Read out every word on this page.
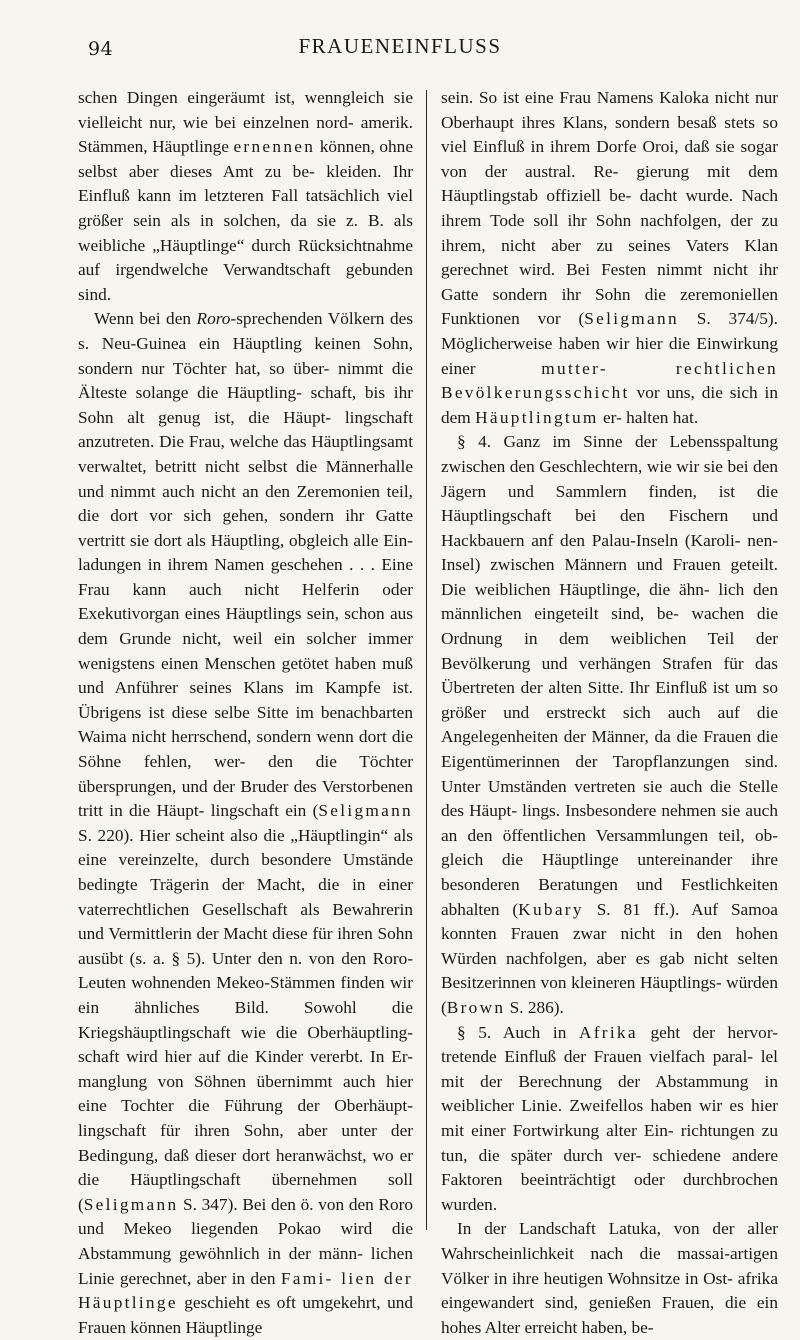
94	FRAUENEINFLUSS

schen Dingen eingeräumt ist, wenngleich sie vielleicht nur, wie bei einzelnen nord- amerik. Stämmen, Häuptlinge ernennen können, ohne selbst aber dieses Amt zu be- kleiden. Ihr Einfluß kann im letzteren Fall tatsächlich viel größer sein als in solchen, da sie z. B. als weibliche „Häuptlinge“ durch Rücksichtnahme auf irgendwelche Verwandtschaft gebunden sind.

Wenn bei den Roro-sprechenden Völkern des s. Neu-Guinea ein Häuptling keinen Sohn, sondern nur Töchter hat, so über- nimmt die Älteste solange die Häuptling- schaft, bis ihr Sohn alt genug ist, die Häupt- lingschaft anzutreten. Die Frau, welche das Häuptlingsamt verwaltet, betritt nicht selbst die Männerhalle und nimmt auch nicht an den Zeremonien teil, die dort vor sich gehen, sondern ihr Gatte vertritt sie dort als Häuptling, obgleich alle Ein- ladungen in ihrem Namen geschehen . . . Eine Frau kann auch nicht Helferin oder Exekutivorgan eines Häuptlings sein, schon aus dem Grunde nicht, weil ein solcher immer wenigstens einen Menschen getötet haben muß und Anführer seines Klans im Kampfe ist. Übrigens ist diese selbe Sitte im benachbarten Waima nicht herrschend, sondern wenn dort die Söhne fehlen, wer- den die Töchter übersprungen, und der Bruder des Verstorbenen tritt in die Häupt- lingschaft ein (Seligmann S. 220). Hier scheint also die „Häuptlingin“ als eine vereinzelte, durch besondere Umstände bedingte Trägerin der Macht, die in einer vaterrechtlichen Gesellschaft als Bewahrerin und Vermittlerin der Macht diese für ihren Sohn ausübt (s. a. § 5). Unter den n. von den Roro-Leuten wohnenden Mekeo-Stämmen finden wir ein ähnliches Bild. Sowohl die Kriegshäuptlingschaft wie die Oberhäuptling- schaft wird hier auf die Kinder vererbt. In Er- manglung von Söhnen übernimmt auch hier eine Tochter die Führung der Oberhäupt- lingschaft für ihren Sohn, aber unter der Bedingung, daß dieser dort heranwächst, wo er die Häuptlingschaft übernehmen soll (Seligmann S. 347). Bei den ö. von den Roro und Mekeo liegenden Pokao wird die Abstammung gewöhnlich in der männ- lichen Linie gerechnet, aber in den Fami- lien der Häuptlinge geschieht es oft umgekehrt, und Frauen können Häuptlinge

sein. So ist eine Frau Namens Kaloka nicht nur Oberhaupt ihres Klans, sondern besaß stets so viel Einfluß in ihrem Dorfe Oroi, daß sie sogar von der austral. Re- gierung mit dem Häuptlingstab offiziell be- dacht wurde. Nach ihrem Tode soll ihr Sohn nachfolgen, der zu ihrem, nicht aber zu seines Vaters Klan gerechnet wird. Bei Festen nimmt nicht ihr Gatte sondern ihr Sohn die zeremoniellen Funktionen vor (Seligmann S. 374/5). Möglicherweise haben wir hier die Einwirkung einer mutter- rechtlichen Bevölkerungsschicht vor uns, die sich in dem Häuptlingtum er- halten hat.

§ 4. Ganz im Sinne der Lebensspaltung zwischen den Geschlechtern, wie wir sie bei den Jägern und Sammlern finden, ist die Häuptlingschaft bei den Fischern und Hackbauern anf den Palau-Inseln (Karoli- nen-Insel) zwischen Männern und Frauen geteilt. Die weiblichen Häuptlinge, die ähn- lich den männlichen eingeteilt sind, be- wachen die Ordnung in dem weiblichen Teil der Bevölkerung und verhängen Strafen für das Übertreten der alten Sitte. Ihr Einfluß ist um so größer und erstreckt sich auch auf die Angelegenheiten der Männer, da die Frauen die Eigentümerinnen der Taropflanzungen sind. Unter Umständen vertreten sie auch die Stelle des Häupt- lings. Insbesondere nehmen sie auch an den öffentlichen Versammlungen teil, ob- gleich die Häuptlinge untereinander ihre besonderen Beratungen und Festlichkeiten abhalten (Kubary S. 81 ff.). Auf Samoa konnten Frauen zwar nicht in den hohen Würden nachfolgen, aber es gab nicht selten Besitzerinnen von kleineren Häuptlings- würden (Brown S. 286).

§ 5. Auch in Afrika geht der hervor- tretende Einfluß der Frauen vielfach paral- lel mit der Berechnung der Abstammung in weiblicher Linie. Zweifellos haben wir es hier mit einer Fortwirkung alter Ein- richtungen zu tun, die später durch ver- schiedene andere Faktoren beeinträchtigt oder durchbrochen wurden.

In der Landschaft Latuka, von der aller Wahrscheinlichkeit nach die massai-artigen Völker in ihre heutigen Wohnsitze in Ost- afrika eingewandert sind, genießen Frauen, die ein hohes Alter erreicht haben, be-
